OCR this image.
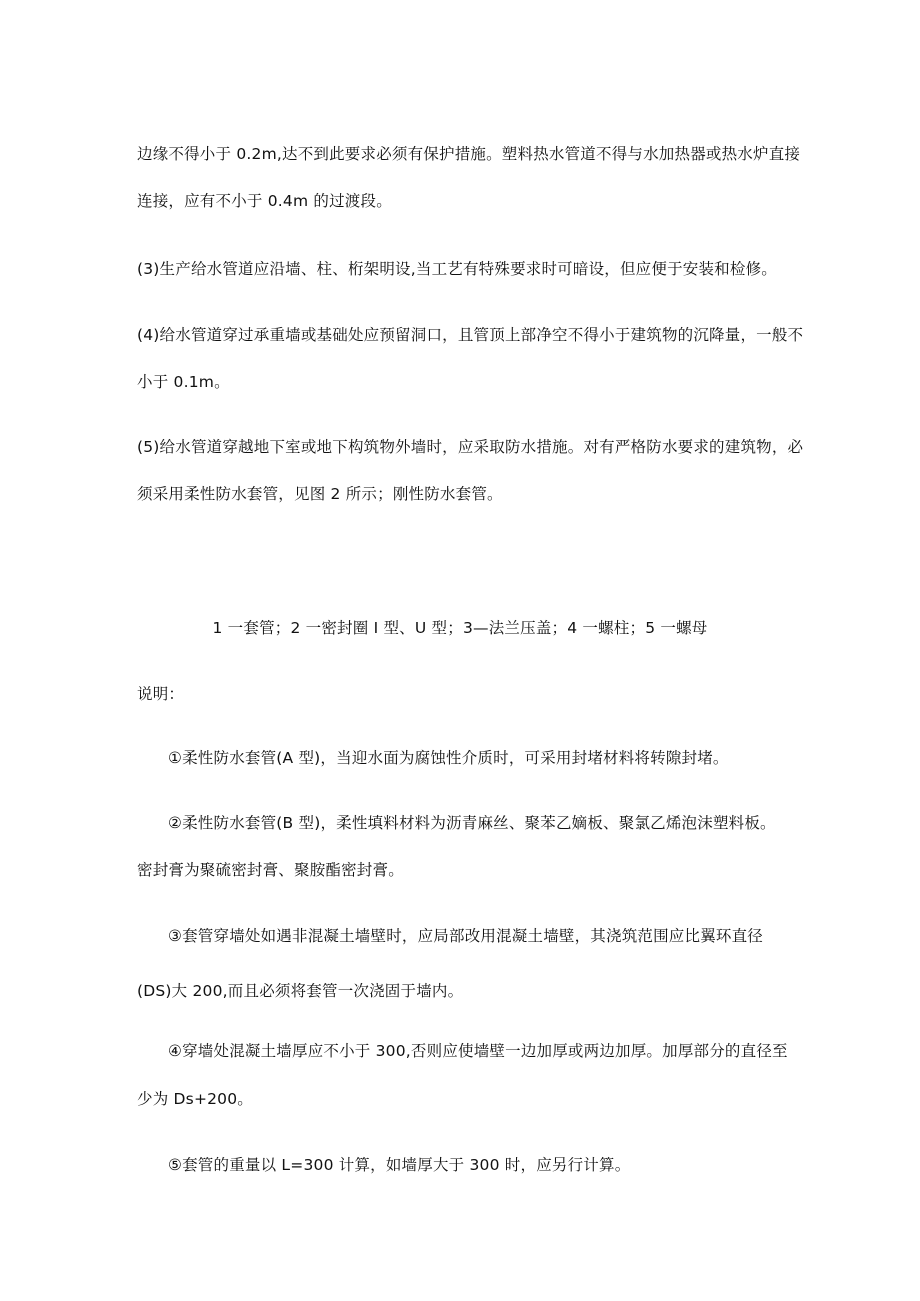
边缘不得小于 0.2m,达不到此要求必须有保护措施。塑料热水管道不得与水加热器或热水炉直接

连接，应有不小于 0.4m 的过渡段。

(3)生产给水管道应沿墙、柱、桁架明设,当工艺有特殊要求时可暗设，但应便于安装和检修。

(4)给水管道穿过承重墙或基础处应预留洞口，且管顶上部净空不得小于建筑物的沉降量，一般不

小于 0.1m。

(5)给水管道穿越地下室或地下构筑物外墙时，应采取防水措施。对有严格防水要求的建筑物，必

须采用柔性防水套管，见图 2 所示；刚性防水套管。

1 一套管；2 一密封圈 I 型、U 型；3—法兰压盖；4 一螺柱；5 一螺母

说明：

①柔性防水套管(A 型)，当迎水面为腐蚀性介质时，可采用封堵材料将转隙封堵。

②柔性防水套管(B 型)，柔性填料材料为沥青麻丝、聚苯乙嫡板、聚氯乙烯泡沫塑料板。

密封膏为聚硫密封膏、聚胺酯密封膏。

③套管穿墙处如遇非混凝土墙壁时，应局部改用混凝土墙壁，其浇筑范围应比翼环直径

(DS)大 200,而且必须将套管一次浇固于墙内。

④穿墙处混凝土墙厚应不小于 300,否则应使墙壁一边加厚或两边加厚。加厚部分的直径至

少为 Ds+200。

⑤套管的重量以 L=300 计算，如墙厚大于 300 时，应另行计算。
